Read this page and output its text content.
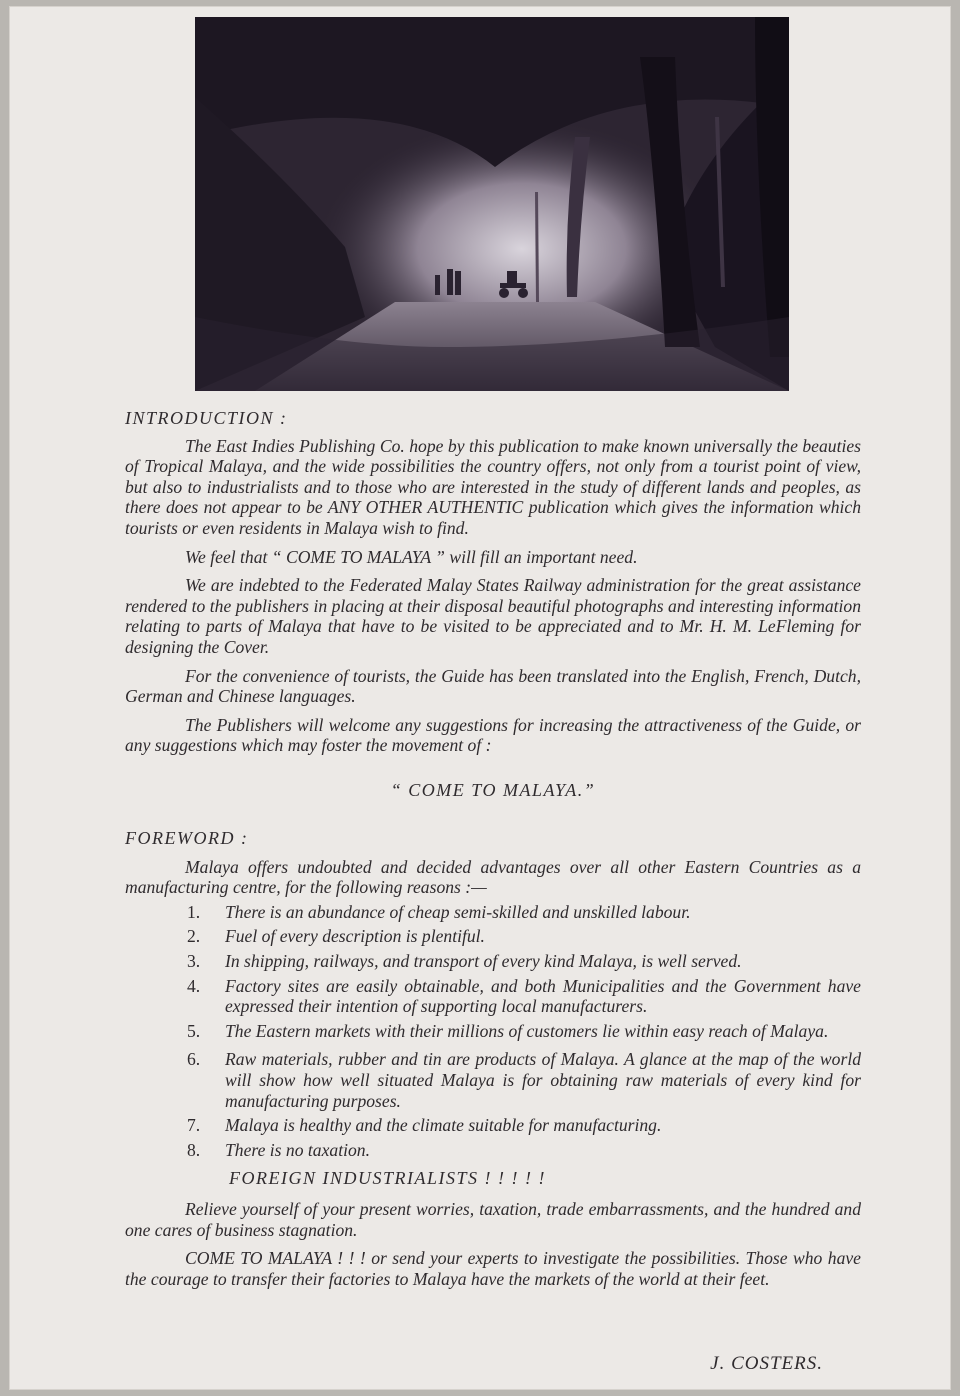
INTRODUCTION :

The East Indies Publishing Co. hope by this publication to make known universally the beauties of Tropical Malaya, and the wide possibilities the country offers, not only from a tourist point of view, but also to industrialists and to those who are interested in the study of different lands and peoples, as there does not appear to be ANY OTHER AUTHENTIC publication which gives the information which tourists or even residents in Malaya wish to find.

We feel that “ COME TO MALAYA ” will fill an important need.

We are indebted to the Federated Malay States Railway administration for the great assistance rendered to the publishers in placing at their disposal beautiful photographs and interesting information relating to parts of Malaya that have to be visited to be appreciated and to Mr. H. M. LeFleming for designing the Cover.

For the convenience of tourists, the Guide has been translated into the English, French, Dutch, German and Chinese languages.

The Publishers will welcome any suggestions for increasing the attractiveness of the Guide, or any suggestions which may foster the movement of :

“ COME TO MALAYA.”

FOREWORD :

Malaya offers undoubted and decided advantages over all other Eastern Countries as a manufacturing centre, for the following reasons :—

1.	There is an abundance of cheap semi-skilled and unskilled labour.
2.	Fuel of every description is plentiful.
3.	In shipping, railways, and transport of every kind Malaya, is well served.
4.	Factory sites are easily obtainable, and both Municipalities and the Government have expressed their intention of supporting local manufacturers.
5.	The Eastern markets with their millions of customers lie within easy reach of Malaya.
6.	Raw materials, rubber and tin are products of Malaya. A glance at the map of the world will show how well situated Malaya is for obtaining raw materials of every kind for manufacturing purposes.
7.	Malaya is healthy and the climate suitable for manufacturing.
8.	There is no taxation.

FOREIGN INDUSTRIALISTS ! ! ! ! !

Relieve yourself of your present worries, taxation, trade embarrassments, and the hundred and one cares of business stagnation.

COME TO MALAYA ! ! ! or send your experts to investigate the possibilities. Those who have the courage to transfer their factories to Malaya have the markets of the world at their feet.

J. COSTERS.
